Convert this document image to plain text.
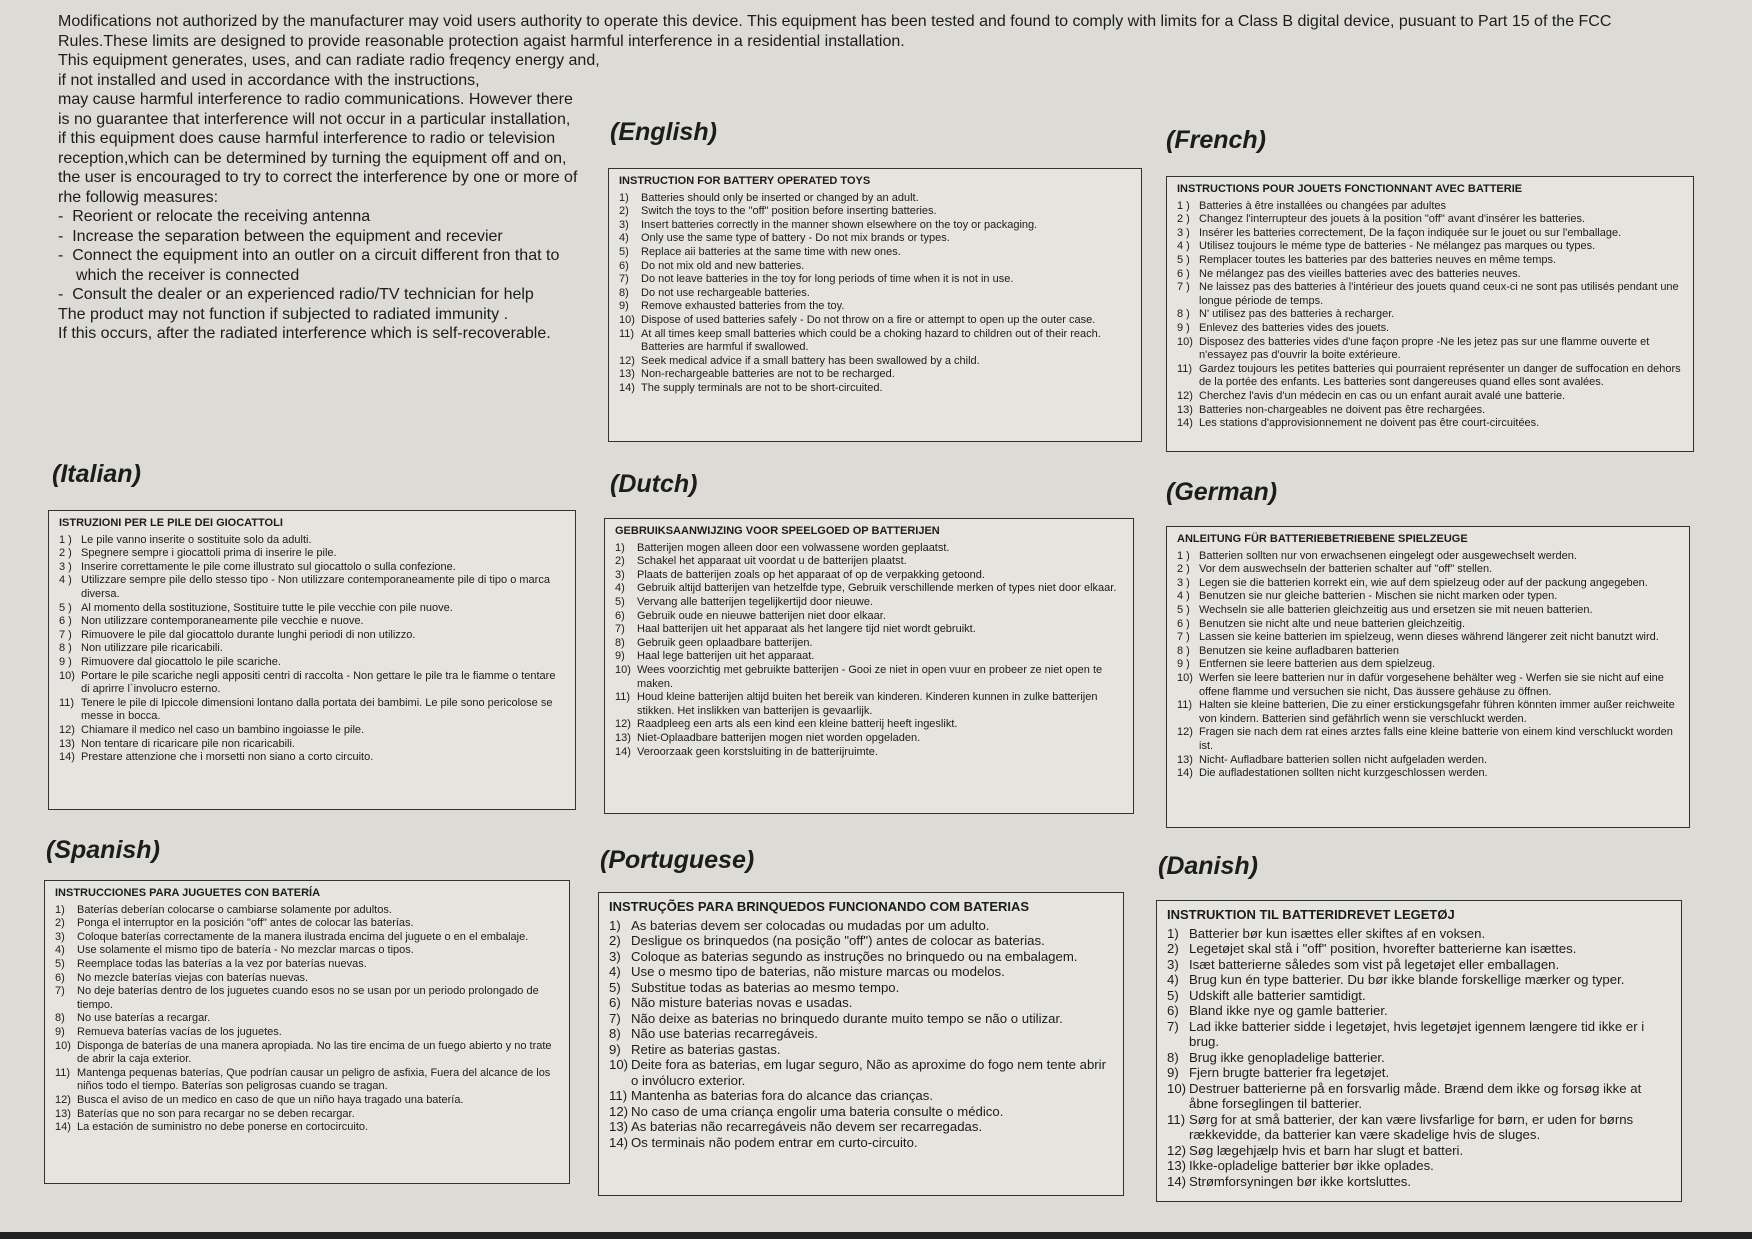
Modifications not authorized by the manufacturer may void users authority to operate this device. This equipment has been tested and found to comply with limits for a Class B digital device, pusuant to Part 15 of the FCC Rules.These limits are designed to provide reasonable protection agaist harmful interference in a residential installation.

This equipment generates, uses, and can radiate radio freqency energy and,

if not installed and used in accordance with the instructions,

may cause harmful interference to radio communications. However there is no guarantee that interference will not occur in a particular installation, if this equipment does cause harmful interference to radio or television reception,which can be determined by turning the equipment off and on, the user is encouraged to try to correct the interference by one or more of rhe followig measures:

- Reorient or relocate the receiving antenna
- Increase the separation between the equipment and recevier
- Connect the equipment into an outler on a circuit different fron that to which the receiver is connected
- Consult the dealer or an experienced radio/TV technician for help

The product may not function if subjected to radiated immunity .

If this occurs, after the radiated interference which is self-recoverable.

(English)
INSTRUCTION FOR BATTERY OPERATED TOYS
1) Batteries should only be inserted or changed by an adult.
2) Switch the toys to the "off" position before inserting batteries.
3) Insert batteries correctly in the manner shown elsewhere on the toy or packaging.
4) Only use the same type of battery - Do not mix brands or types.
5) Replace aii batteries at the same time with new ones.
6) Do not mix old and new batteries.
7) Do not leave batteries in the toy for long periods of time when it is not in use.
8) Do not use rechargeable batteries.
9) Remove exhausted batteries from the toy.
10) Dispose of used batteries safely - Do not throw on a fire or attempt to open up the outer case.
11) At all times keep small batteries which could be a choking hazard to children out of their reach. Batteries are harmful if swallowed.
12) Seek medical advice if a small battery has been swallowed by a child.
13) Non-rechargeable batteries are not to be recharged.
14) The supply terminals are not to be short-circuited.
(French)
INSTRUCTIONS POUR JOUETS FONCTIONNANT AVEC BATTERIE
1 ) Batteries à être installées ou changées par adultes
2 ) Changez l'interrupteur des jouets à la position "off" avant d'insérer les batteries.
3 ) Insérer les batteries correctement, De la façon indiquée sur le jouet ou sur l'emballage.
4 ) Utilisez toujours le méme type de batteries - Ne mélangez pas marques ou types.
5 ) Remplacer toutes les batteries par des batteries neuves en même temps.
6 ) Ne mélangez pas des vieilles batteries avec des batteries neuves.
7 ) Ne laissez pas des batteries à l'intérieur des jouets quand ceux-ci ne sont pas utilisés pendant une longue période de temps.
8 ) N' utilisez pas des batteries à recharger.
9 ) Enlevez des batteries vides des jouets.
10) Disposez des batteries vides d'une façon propre -Ne les jetez pas sur une flamme ouverte et n'essayez pas d'ouvrir la boite extérieure.
11) Gardez toujours les petites batteries qui pourraient représenter un danger de suffocation en dehors de la portée des enfants. Les batteries sont dangereuses quand elles sont avalées.
12) Cherchez l'avis d'un médecin en cas ou un enfant aurait avalé une batterie.
13) Batteries non-chargeables ne doivent pas être rechargées.
14) Les stations d'approvisionnement ne doivent pas être court-circuitées.
(Italian)
ISTRUZIONI PER LE PILE DEI GIOCATTOLI
1 ) Le pile vanno inserite o sostituite solo da adulti.
2 ) Spegnere sempre i giocattoli prima di inserire le pile.
3 ) Inserire correttamente le pile come illustrato sul giocattolo o sulla confezione.
4 ) Utilizzare sempre pile dello stesso tipo - Non utilizzare contemporaneamente pile di tipo o marca diversa.
5 ) Al momento della sostituzione, Sostituire tutte le pile vecchie con pile nuove.
6 ) Non utilizzare contemporaneamente pile vecchie e nuove.
7 ) Rimuovere le pile dal giocattolo durante lunghi periodi di non utilizzo.
8 ) Non utilizzare pile ricaricabili.
9 ) Rimuovere dal giocattolo le pile scariche.
10) Portare le pile scariche negli appositi centri di raccolta - Non gettare le pile tra le fiamme o tentare di aprirre l`involucro esterno.
11) Tenere le pile di Ipiccole dimensioni lontano dalla portata dei bambimi. Le pile sono pericolose se messe in bocca.
12) Chiamare il medico nel caso un bambino ingoiasse le pile.
13) Non tentare di ricaricare pile non ricaricabili.
14) Prestare attenzione che i morsetti non siano a corto circuito.
(Dutch)
GEBRUIKSAANWIJZING VOOR SPEELGOED OP BATTERIJEN
1) Batterijen mogen alleen door een volwassene worden geplaatst.
2) Schakel het apparaat uit voordat u de batterijen plaatst.
3) Plaats de batterijen zoals op het apparaat of op de verpakking getoond.
4) Gebruik altijd batterijen van hetzelfde type, Gebruik verschillende merken of types niet door elkaar.
5) Vervang alle batterijen tegelijkertijd door nieuwe.
6) Gebruik oude en nieuwe batterijen niet door elkaar.
7) Haal batterijen uit het apparaat als het langere tijd niet wordt gebruikt.
8) Gebruik geen oplaadbare batterijen.
9) Haal lege batterijen uit het apparaat.
10) Wees voorzichtig met gebruikte batterijen - Gooi ze niet in open vuur en probeer ze niet open te maken.
11) Houd kleine batterijen altijd buiten het bereik van kinderen. Kinderen kunnen in zulke batterijen stikken. Het inslikken van batterijen is gevaarlijk.
12) Raadpleeg een arts als een kind een kleine batterij heeft ingeslikt.
13) Niet-Oplaadbare batterijen mogen niet worden opgeladen.
14) Veroorzaak geen korstsluiting in de batterijruimte.
(German)
ANLEITUNG FÜR BATTERIEBETRIEBENE SPIELZEUGE
1 ) Batterien sollten nur von erwachsenen eingelegt oder ausgewechselt werden.
2 ) Vor dem auswechseln der batterien schalter auf "off" stellen.
3 ) Legen sie die batterien korrekt ein, wie auf dem spielzeug oder auf der packung angegeben.
4 ) Benutzen sie nur gleiche batterien - Mischen sie nicht marken oder typen.
5 ) Wechseln sie alle batterien gleichzeitig aus und ersetzen sie mit neuen batterien.
6 ) Benutzen sie nicht alte und neue batterien gleichzeitig.
7 ) Lassen sie keine batterien im spielzeug, wenn dieses während längerer zeit nicht banutzt wird.
8 ) Benutzen sie keine aufladbaren batterien
9 ) Entfernen sie leere batterien aus dem spielzeug.
10) Werfen sie leere batterien nur in dafür vorgesehene behälter weg - Werfen sie sie nicht auf eine offene flamme und versuchen sie nicht, Das äussere gehäuse zu öffnen.
11) Halten sie kleine batterien, Die zu einer erstickungsgefahr führen könnten immer außer reichweite von kindern. Batterien sind gefährlich wenn sie verschluckt werden.
12) Fragen sie nach dem rat eines arztes falls eine kleine batterie von einem kind verschluckt worden ist.
13) Nicht- Aufladbare batterien sollen nicht aufgeladen werden.
14) Die aufladestationen sollten nicht kurzgeschlossen werden.
(Spanish)
INSTRUCCIONES PARA JUGUETES CON BATERÍA
1) Baterías deberían colocarse o cambiarse solamente por adultos.
2) Ponga el interruptor en la posición "off" antes de colocar las baterías.
3) Coloque baterías correctamente de la manera ilustrada encima del juguete o en el embalaje.
4) Use solamente el mismo tipo de batería - No mezclar marcas o tipos.
5) Reemplace todas las baterías a la vez por baterías nuevas.
6) No mezcle baterías viejas con baterías nuevas.
7) No deje baterías dentro de los juguetes cuando esos no se usan por un periodo prolongado de tiempo.
8) No use baterías a recargar.
9) Remueva baterías vacías de los juguetes.
10) Disponga de baterías de una manera apropiada. No las tire encima de un fuego abierto y no trate de abrir la caja exterior.
11) Mantenga pequenas baterías, Que podrían causar un peligro de asfixia, Fuera del alcance de los niños todo el tiempo. Baterías son peligrosas cuando se tragan.
12) Busca el aviso de un medico en caso de que un niño haya tragado una batería.
13) Baterías que no son para recargar no se deben recargar.
14) La estación de suministro no debe ponerse en cortocircuito.
(Portuguese)
INSTRUÇÕES PARA BRINQUEDOS FUNCIONANDO COM BATERIAS
1) As baterias devem ser colocadas ou mudadas por um adulto.
2) Desligue os brinquedos (na posição "off") antes de colocar as baterias.
3) Coloque as baterias segundo as instruções no brinquedo ou na embalagem.
4) Use o mesmo tipo de baterias, não misture marcas ou modelos.
5) Substitue todas as baterias ao mesmo tempo.
6) Não misture baterias novas e usadas.
7) Não deixe as baterias no brinquedo durante muito tempo se não o utilizar.
8) Não use baterias recarregáveis.
9) Retire as baterias gastas.
10) Deite fora as baterias, em lugar seguro, Não as aproxime do fogo nem tente abrir o invólucro exterior.
11) Mantenha as baterias fora do alcance das crianças.
12) No caso de uma criança engolir uma bateria consulte o médico.
13) As baterias não recarregáveis não devem ser recarregadas.
14) Os terminais não podem entrar em curto-circuito.
(Danish)
INSTRUKTION TIL BATTERIDREVET LEGETØJ
1) Batterier bør kun isættes eller skiftes af en voksen.
2) Legetøjet skal stå i "off" position, hvorefter batterierne kan isættes.
3) Isæt batterierne således som vist på legetøjet eller emballagen.
4) Brug kun én type batterier. Du bør ikke blande forskellige mærker og typer.
5) Udskift alle batterier samtidigt.
6) Bland ikke nye og gamle batterier.
7) Lad ikke batterier sidde i legetøjet, hvis legetøjet igennem længere tid ikke er i brug.
8) Brug ikke genopladelige batterier.
9) Fjern brugte batterier fra legetøjet.
10) Destruer batterierne på en forsvarlig måde. Brænd dem ikke og forsøg ikke at åbne forseglingen til batterier.
11) Sørg for at små batterier, der kan være livsfarlige for børn, er uden for børns rækkevidde, da batterier kan være skadelige hvis de sluges.
12) Søg lægehjælp hvis et barn har slugt et batteri.
13) Ikke-opladelige batterier bør ikke oplades.
14) Strømforsyningen bør ikke kortsluttes.
